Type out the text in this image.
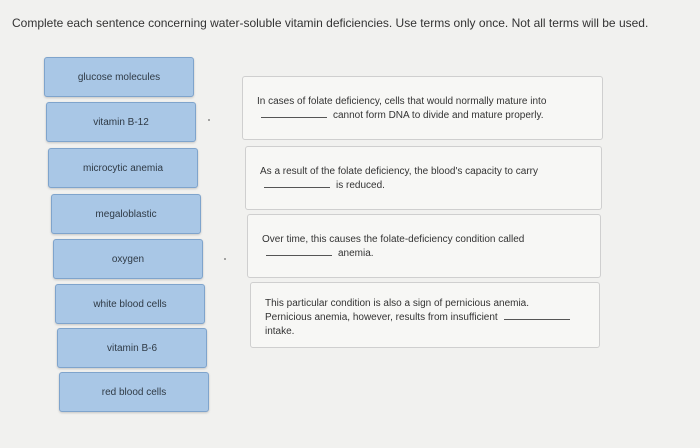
Complete each sentence concerning water-soluble vitamin deficiencies. Use terms only once. Not all terms will be used.
glucose molecules
vitamin B-12
microcytic anemia
megaloblastic
oxygen
white blood cells
vitamin B-6
red blood cells
In cases of folate deficiency, cells that would normally mature into
cannot form DNA to divide and mature properly.
As a result of the folate deficiency, the blood's capacity to carry
is reduced.
Over time, this causes the folate-deficiency condition called
anemia.
This particular condition is also a sign of pernicious anemia.
Pernicious anemia, however, results from insufficient
intake.
